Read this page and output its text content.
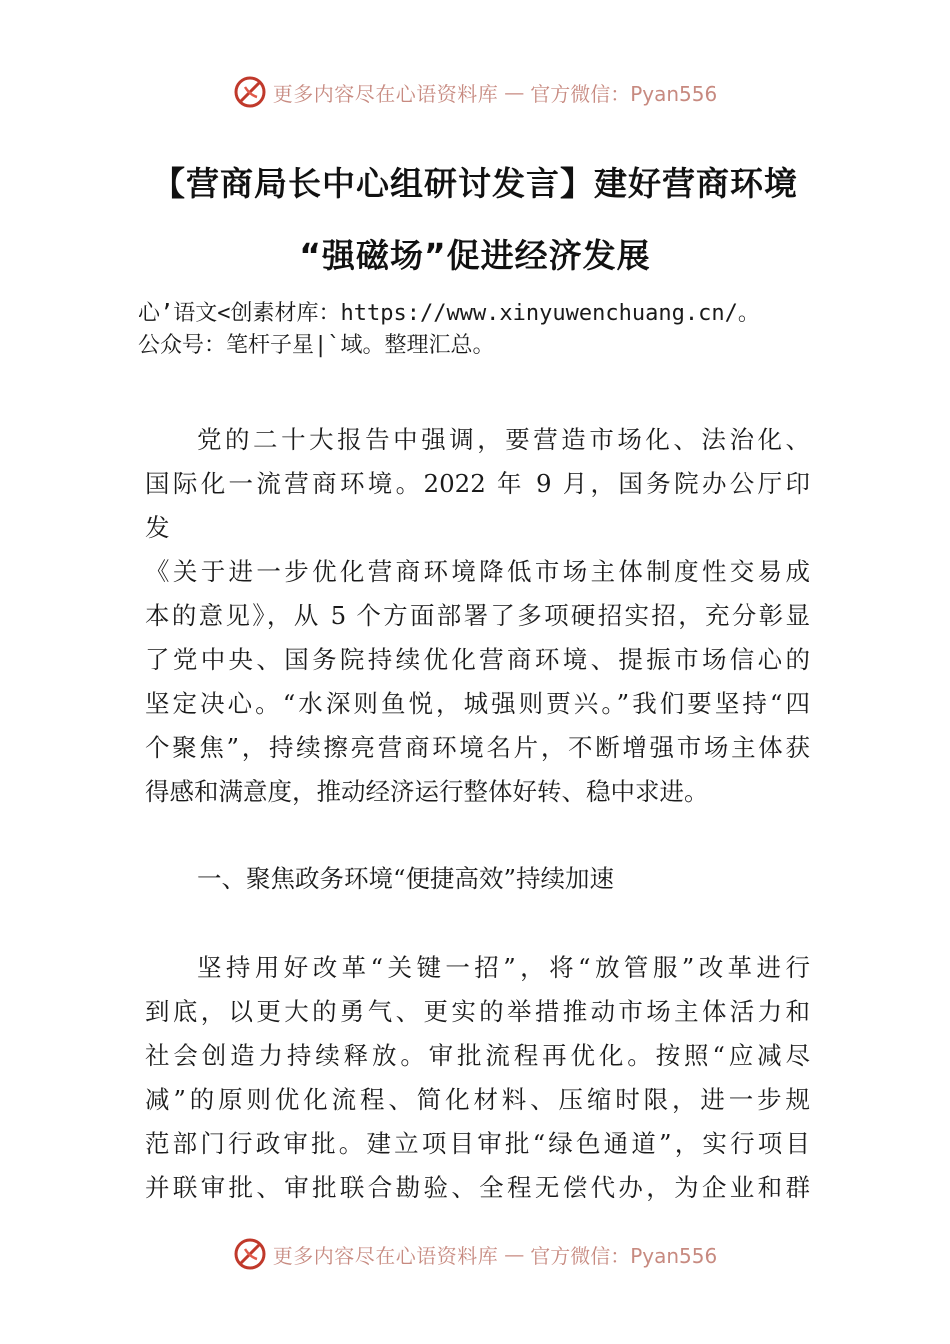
更多内容尽在心语资料库 — 官方微信：Pyan556
【营商局长中心组研讨发言】建好营商环境
“强磁场”促进经济发展
心’语文<创素材库：https://www.xinyuwenchuang.cn/。
公众号：笔杆子星|`域。整理汇总。
党的二十大报告中强调，要营造市场化、法治化、
国际化一流营商环境。2022 年 9 月，国务院办公厅印
发
《关于进一步优化营商环境降低市场主体制度性交易成
本的意见》，从 5 个方面部署了多项硬招实招，充分彰显
了党中央、国务院持续优化营商环境、提振市场信心的
坚定决心。“水深则鱼悦，城强则贾兴。”我们要坚持“四
个聚焦”，持续擦亮营商环境名片，不断增强市场主体获
得感和满意度，推动经济运行整体好转、稳中求进。
一、聚焦政务环境“便捷高效”持续加速
坚持用好改革“关键一招”，将“放管服”改革进行
到底，以更大的勇气、更实的举措推动市场主体活力和
社会创造力持续释放。审批流程再优化。按照“应减尽
减”的原则优化流程、简化材料、压缩时限，进一步规
范部门行政审批。建立项目审批“绿色通道”，实行项目
并联审批、审批联合勘验、全程无偿代办，为企业和群
更多内容尽在心语资料库 — 官方微信：Pyan556
